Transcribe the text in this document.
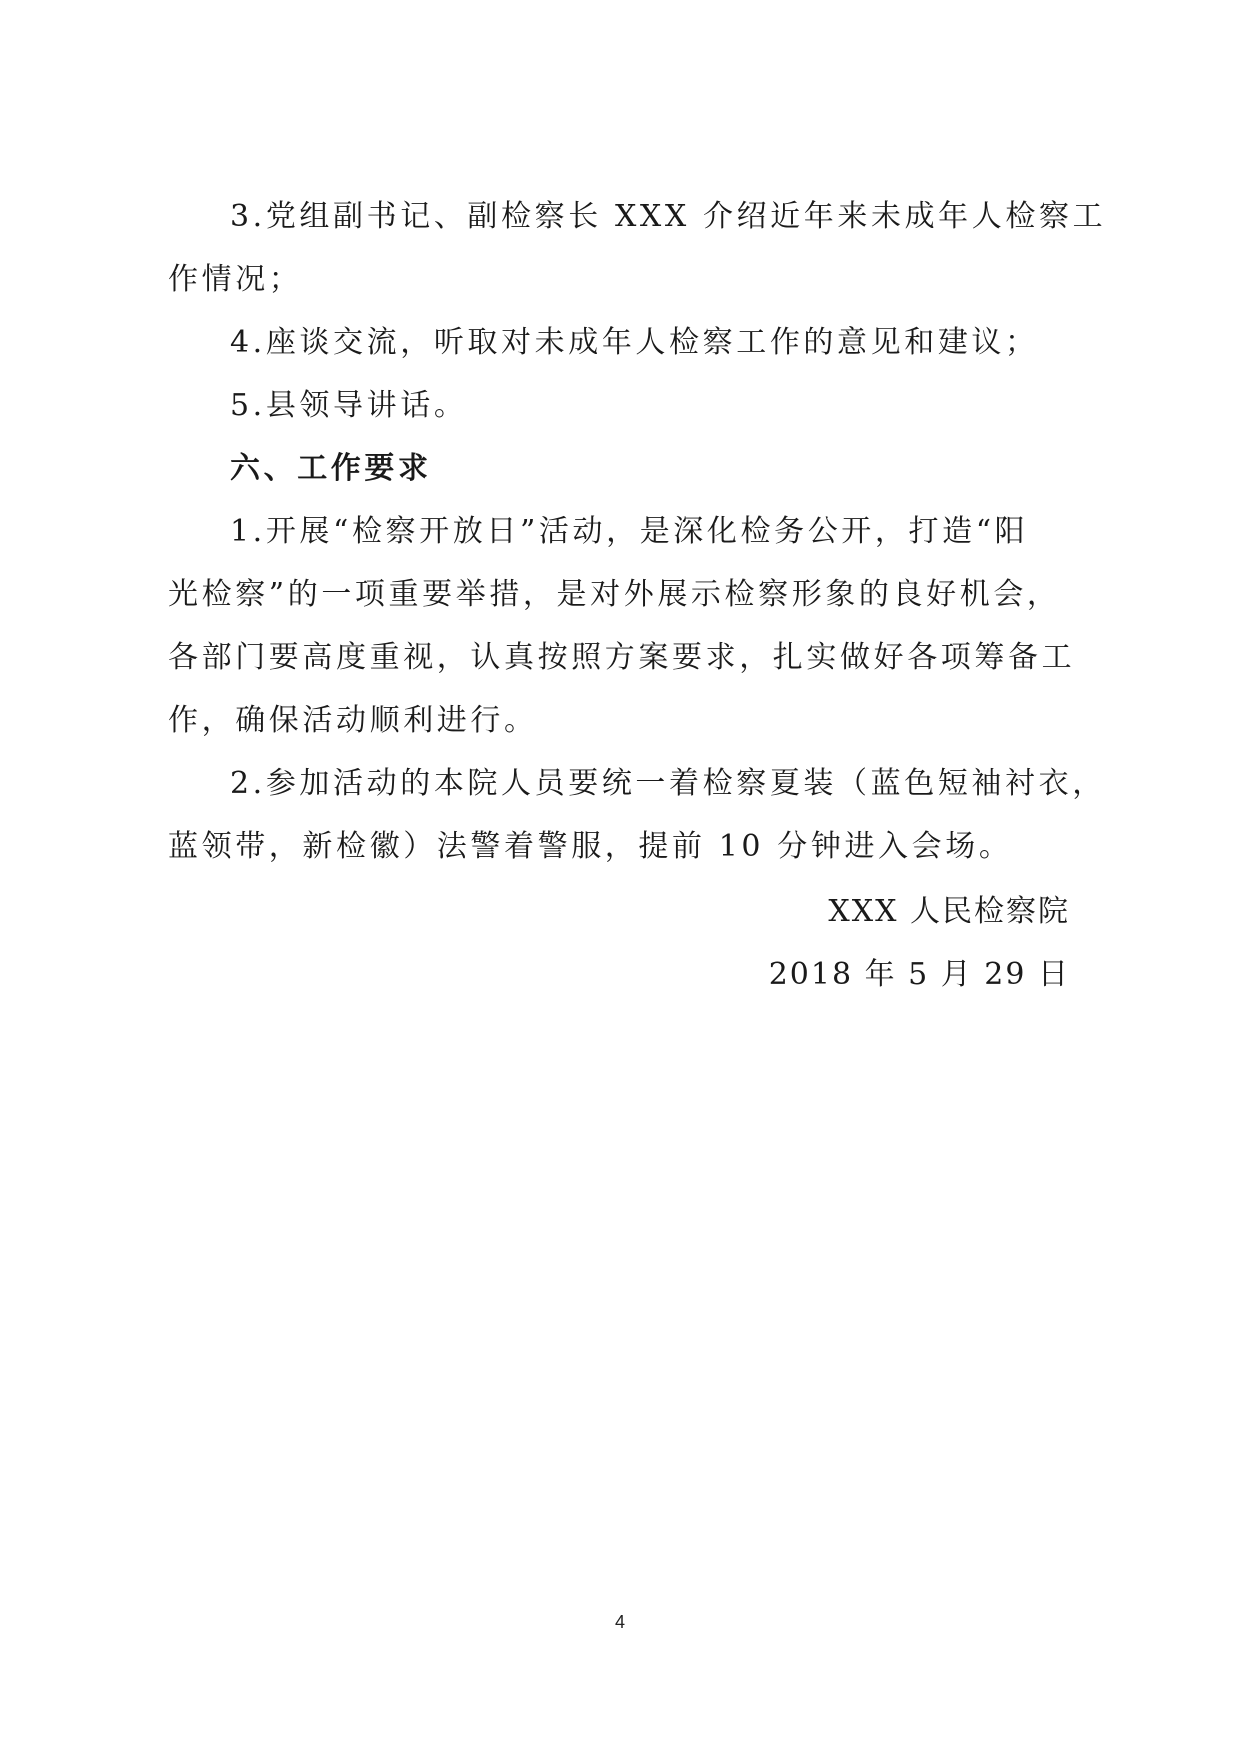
3.党组副书记、副检察长 XXX 介绍近年来未成年人检察工
作情况；

4.座谈交流，听取对未成年人检察工作的意见和建议；

5.县领导讲话。

六、工作要求

1.开展“检察开放日”活动，是深化检务公开，打造“阳
光检察”的一项重要举措，是对外展示检察形象的良好机会，
各部门要高度重视，认真按照方案要求，扎实做好各项筹备工
作，确保活动顺利进行。

2.参加活动的本院人员要统一着检察夏装（蓝色短袖衬衣，
蓝领带，新检徽）法警着警服，提前 10 分钟进入会场。

XXX 人民检察院
2018 年 5 月 29 日
4
